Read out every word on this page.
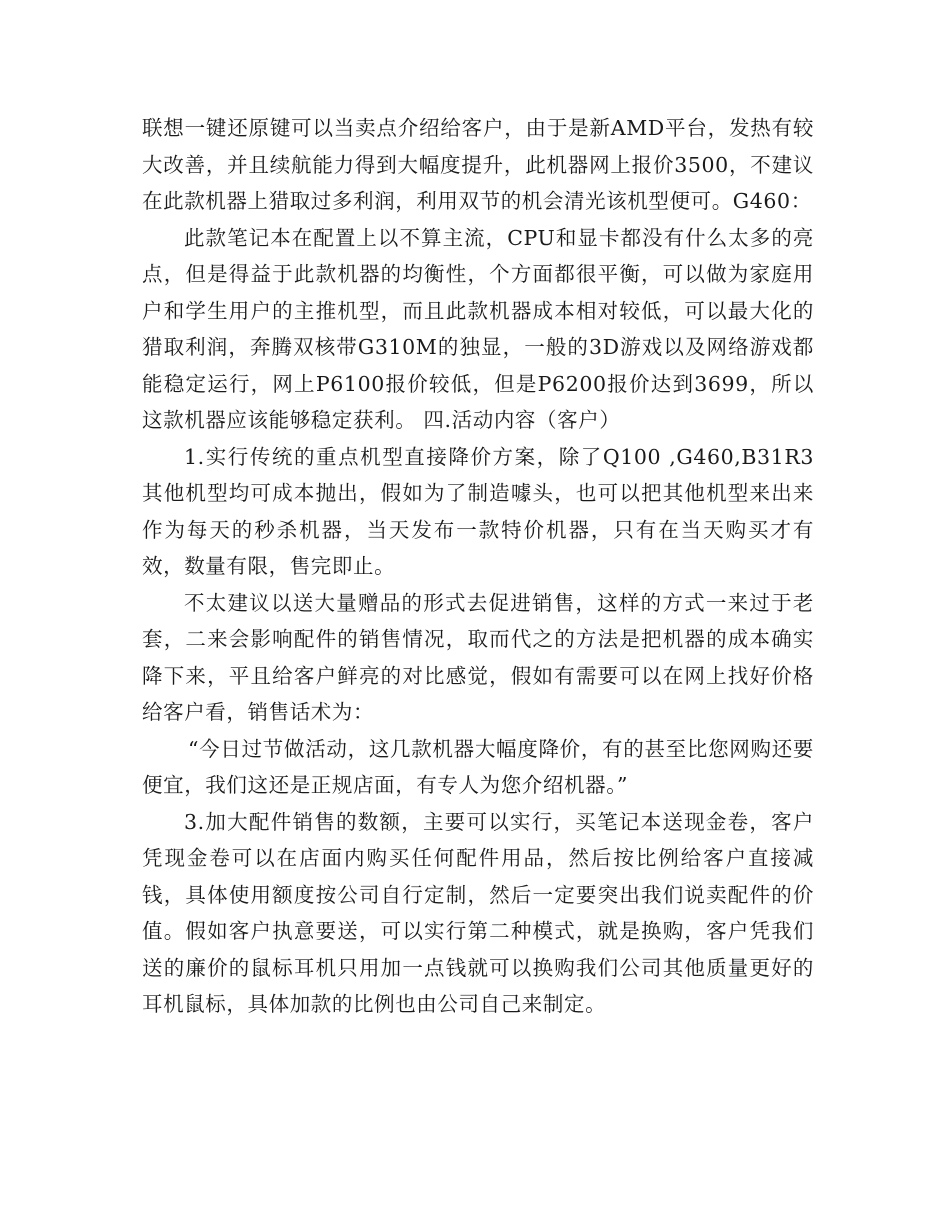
联想一键还原键可以当卖点介绍给客户，由于是新AMD平台，发热有较大改善，并且续航能力得到大幅度提升，此机器网上报价3500，不建议在此款机器上猎取过多利润，利用双节的机会清光该机型便可。G460：

此款笔记本在配置上以不算主流，CPU和显卡都没有什么太多的亮点，但是得益于此款机器的均衡性，个方面都很平衡，可以做为家庭用户和学生用户的主推机型，而且此款机器成本相对较低，可以最大化的猎取利润，奔腾双核带G310M的独显，一般的3D游戏以及网络游戏都能稳定运行，网上P6100报价较低，但是P6200报价达到3699，所以这款机器应该能够稳定获利。 四.活动内容（客户）

1.实行传统的重点机型直接降价方案，除了Q100 ,G460,B31R3其他机型均可成本抛出，假如为了制造噱头，也可以把其他机型来出来作为每天的秒杀机器，当天发布一款特价机器，只有在当天购买才有效，数量有限，售完即止。

不太建议以送大量赠品的形式去促进销售，这样的方式一来过于老套，二来会影响配件的销售情况，取而代之的方法是把机器的成本确实降下来，平且给客户鲜亮的对比感觉，假如有需要可以在网上找好价格给客户看，销售话术为：

“今日过节做活动，这几款机器大幅度降价，有的甚至比您网购还要便宜，我们这还是正规店面，有专人为您介绍机器。”

3.加大配件销售的数额，主要可以实行，买笔记本送现金卷，客户凭现金卷可以在店面内购买任何配件用品，然后按比例给客户直接减钱，具体使用额度按公司自行定制，然后一定要突出我们说卖配件的价值。假如客户执意要送，可以实行第二种模式，就是换购，客户凭我们送的廉价的鼠标耳机只用加一点钱就可以换购我们公司其他质量更好的耳机鼠标，具体加款的比例也由公司自己来制定。
